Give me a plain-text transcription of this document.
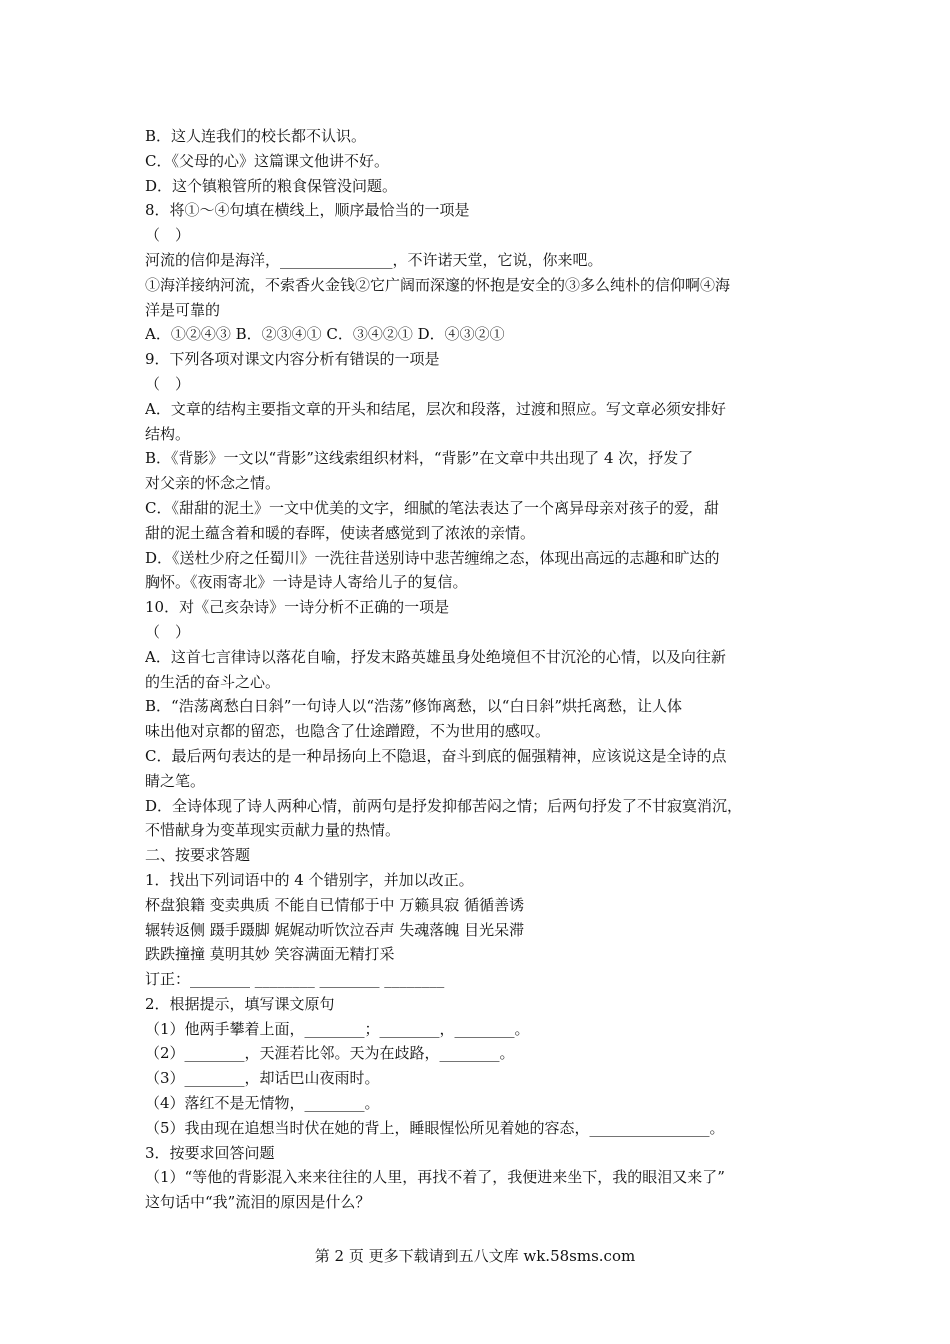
B．这人连我们的校长都不认识。
C．《父母的心》这篇课文他讲不好。
D．这个镇粮管所的粮食保管没问题。
8．将①～④句填在横线上，顺序最恰当的一项是
（　）
河流的信仰是海洋，_______________，不许诺天堂，它说，你来吧。
①海洋接纳河流，不索香火金钱②它广阔而深邃的怀抱是安全的③多么纯朴的信仰啊④海
洋是可靠的
A．①②④③ B．②③④① C．③④②① D．④③②①
9．下列各项对课文内容分析有错误的一项是
（　）
A．文章的结构主要指文章的开头和结尾，层次和段落，过渡和照应。写文章必须安排好
结构。
B．《背影》一文以“背影”这线索组织材料，“背影”在文章中共出现了 4 次，抒发了
对父亲的怀念之情。
C．《甜甜的泥土》一文中优美的文字，细腻的笔法表达了一个离异母亲对孩子的爱，甜
甜的泥土蕴含着和暖的春晖，使读者感觉到了浓浓的亲情。
D．《送杜少府之任蜀川》一洗往昔送别诗中悲苦缠绵之态，体现出高远的志趣和旷达的
胸怀。《夜雨寄北》一诗是诗人寄给儿子的复信。
10．对《己亥杂诗》一诗分析不正确的一项是
（　）
A．这首七言律诗以落花自喻，抒发末路英雄虽身处绝境但不甘沉沦的心情，以及向往新
的生活的奋斗之心。
B．“浩荡离愁白日斜”一句诗人以“浩荡”修饰离愁，以“白日斜”烘托离愁，让人体
味出他对京都的留恋，也隐含了仕途蹭蹬，不为世用的感叹。
C．最后两句表达的是一种昂扬向上不隐退，奋斗到底的倔强精神，应该说这是全诗的点
睛之笔。
D．全诗体现了诗人两种心情，前两句是抒发抑郁苦闷之情；后两句抒发了不甘寂寞消沉，
不惜献身为变革现实贡献力量的热情。
二、按要求答题
1．找出下列词语中的 4 个错别字，并加以改正。
杯盘狼籍 变卖典质 不能自已情郁于中 万籁具寂 循循善诱
辗转返侧 蹑手蹑脚 娓娓动听饮泣吞声 失魂落魄 目光呆滞
跌跌撞撞 莫明其妙 笑容满面无精打采
订正：________ ________ ________ ________
2．根据提示，填写课文原句
（1）他两手攀着上面，________；________，________。
（2）________，天涯若比邻。天为在歧路，________。
（3）________，却话巴山夜雨时。
（4）落红不是无情物，________。
（5）我由现在追想当时伏在她的背上，睡眼惺忪所见着她的容态，________________。
3．按要求回答问题
（1）“等他的背影混入来来往往的人里，再找不着了，我便进来坐下，我的眼泪又来了”
这句话中“我”流泪的原因是什么？
第 2 页 更多下载请到五八文库 wk.58sms.com
